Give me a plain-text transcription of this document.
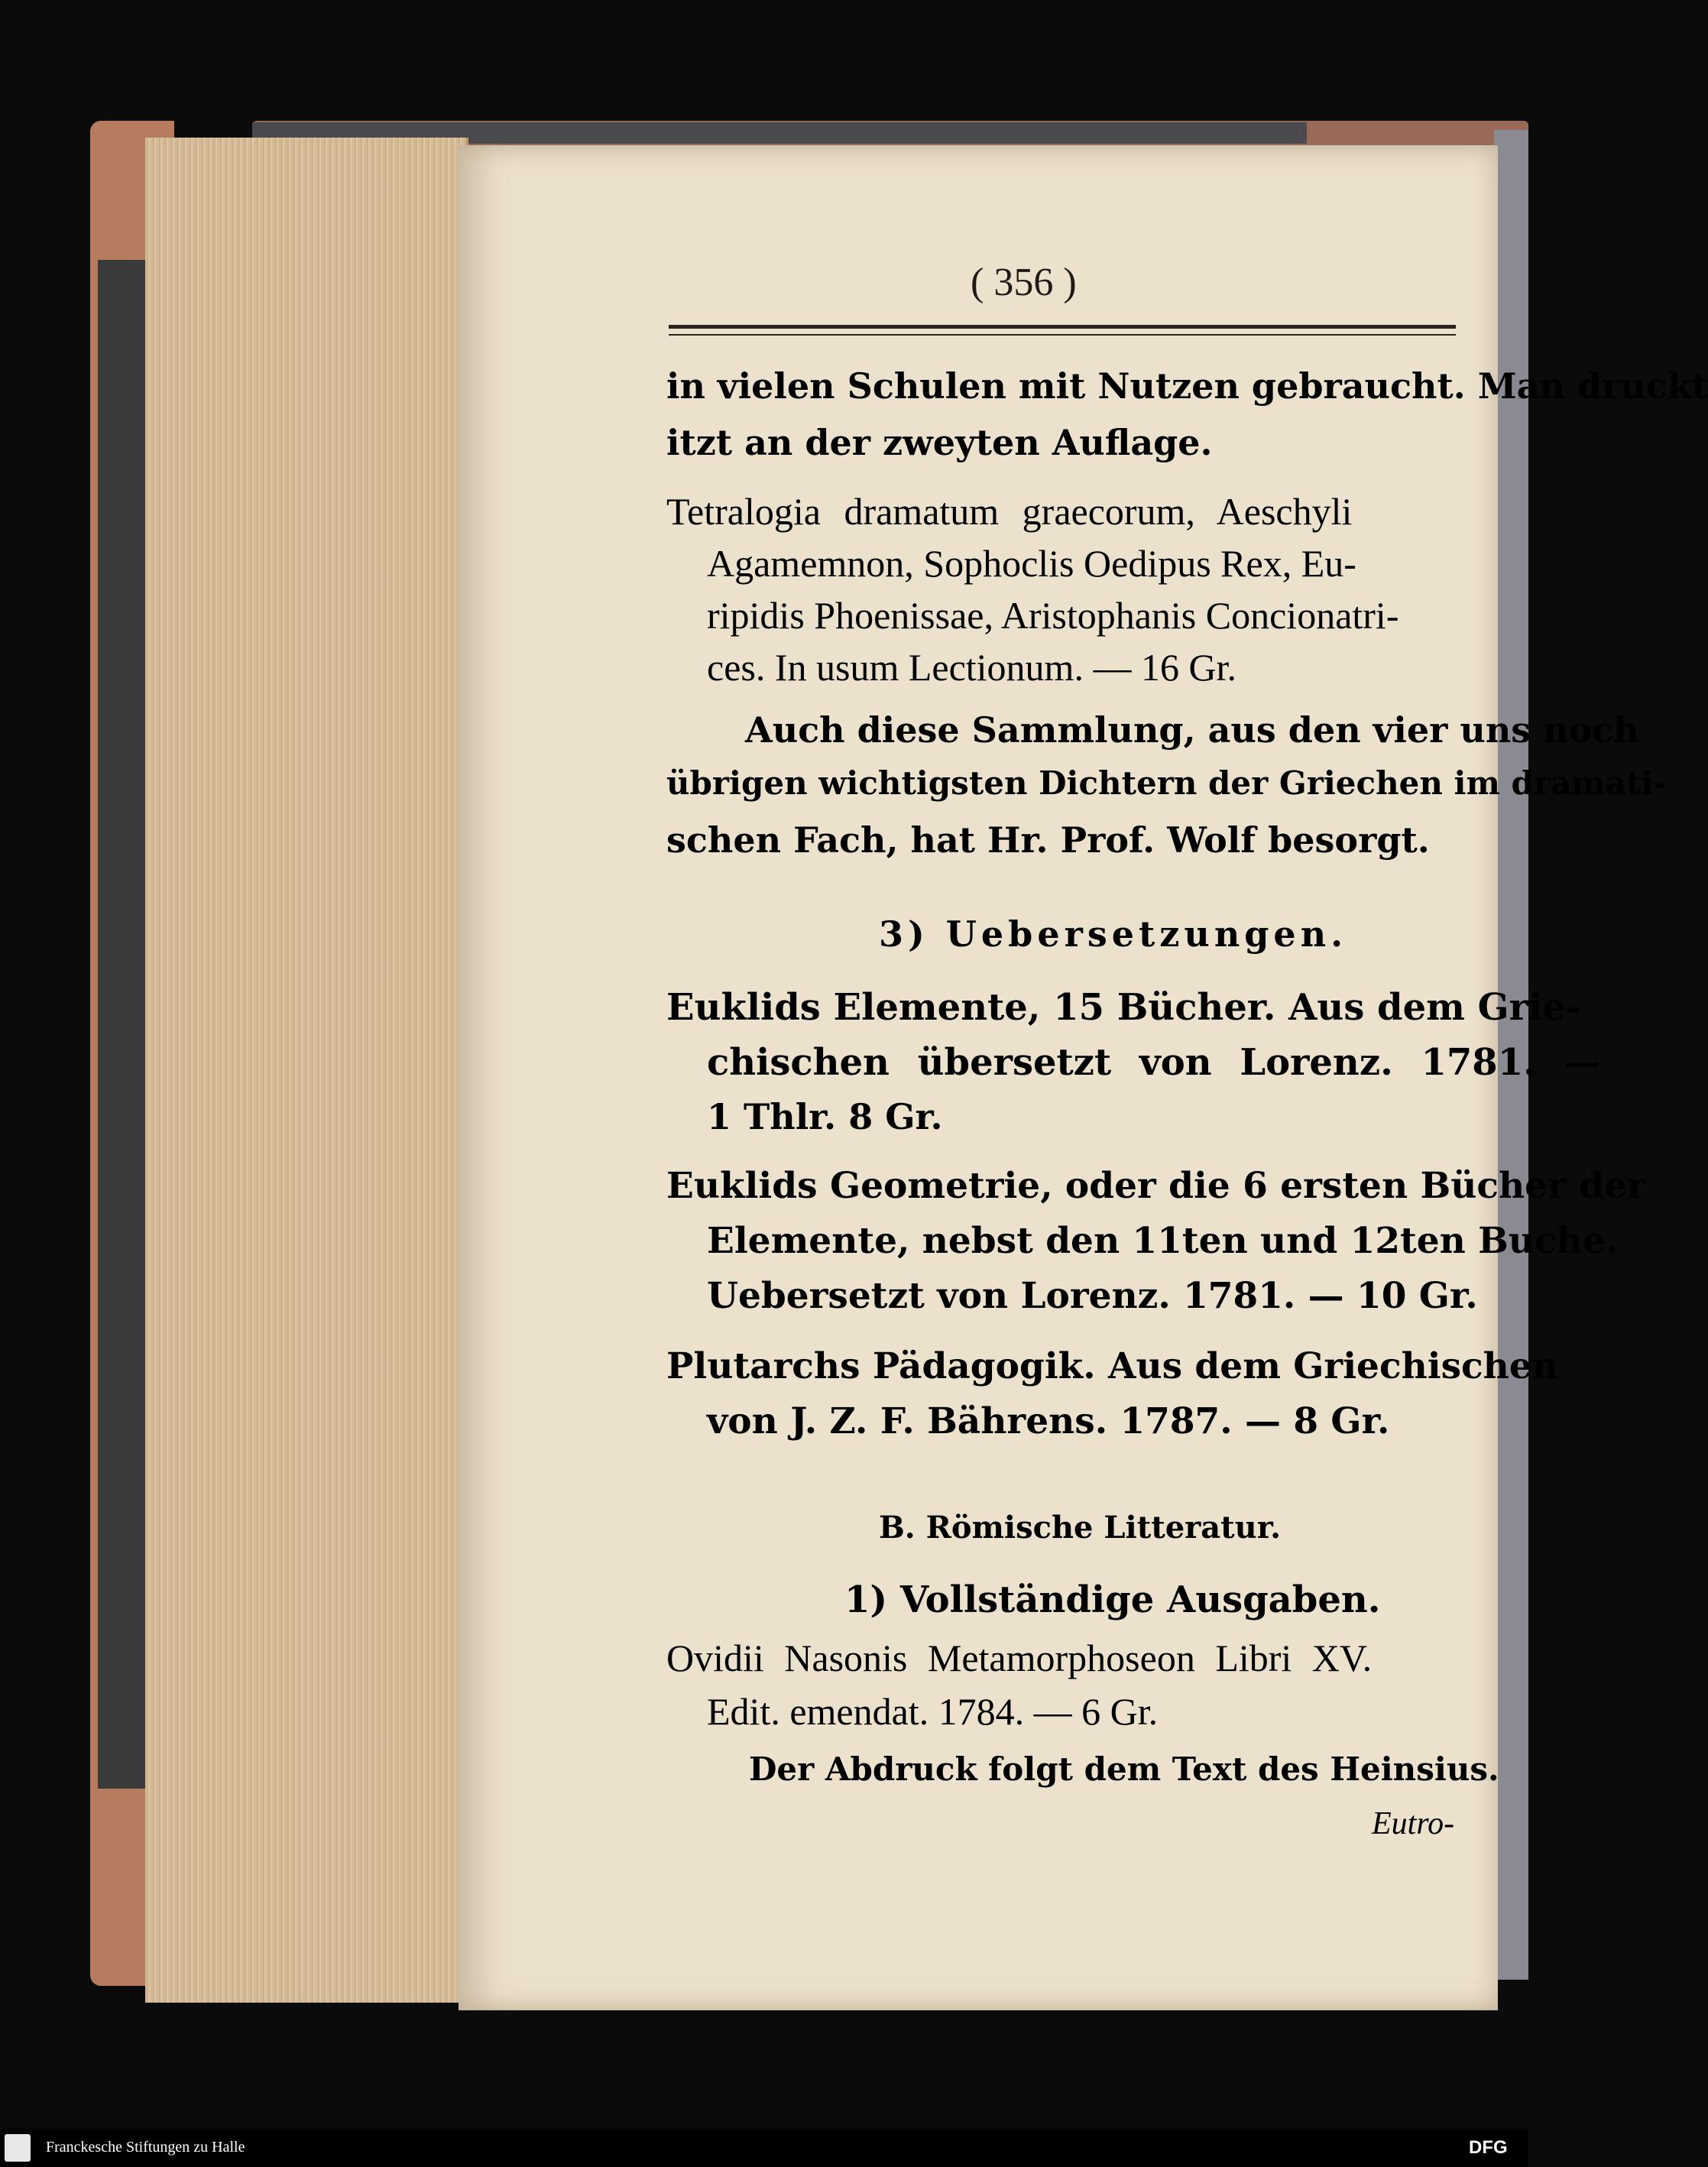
( 356 )
in vielen Schulen mit Nutzen gebraucht. Man druckt
itzt an der zweyten Auflage.
Tetralogia dramatum graecorum, Aeschyli
Agamemnon, Sophoclis Oedipus Rex, Eu-
ripidis Phoenissae, Aristophanis Concionatri-
ces. In usum Lectionum. — 16 Gr.
Auch diese Sammlung, aus den vier uns noch
übrigen wichtigsten Dichtern der Griechen im dramati-
schen Fach, hat Hr. Prof. Wolf besorgt.
3) Uebersetzungen.
Euklids Elemente, 15 Bücher. Aus dem Grie-
chischen übersetzt von Lorenz. 1781. —
1 Thlr. 8 Gr.
Euklids Geometrie, oder die 6 ersten Bücher der
Elemente, nebst den 11ten und 12ten Buche.
Uebersetzt von Lorenz. 1781. — 10 Gr.
Plutarchs Pädagogik. Aus dem Griechischen
von J. Z. F. Bährens. 1787. — 8 Gr.
B. Römische Litteratur.
1) Vollständige Ausgaben.
Ovidii Nasonis Metamorphoseon Libri XV.
Edit. emendat. 1784. — 6 Gr.
Der Abdruck folgt dem Text des Heinsius.
Eutro-
Franckesche Stiftungen zu Halle	DFG
